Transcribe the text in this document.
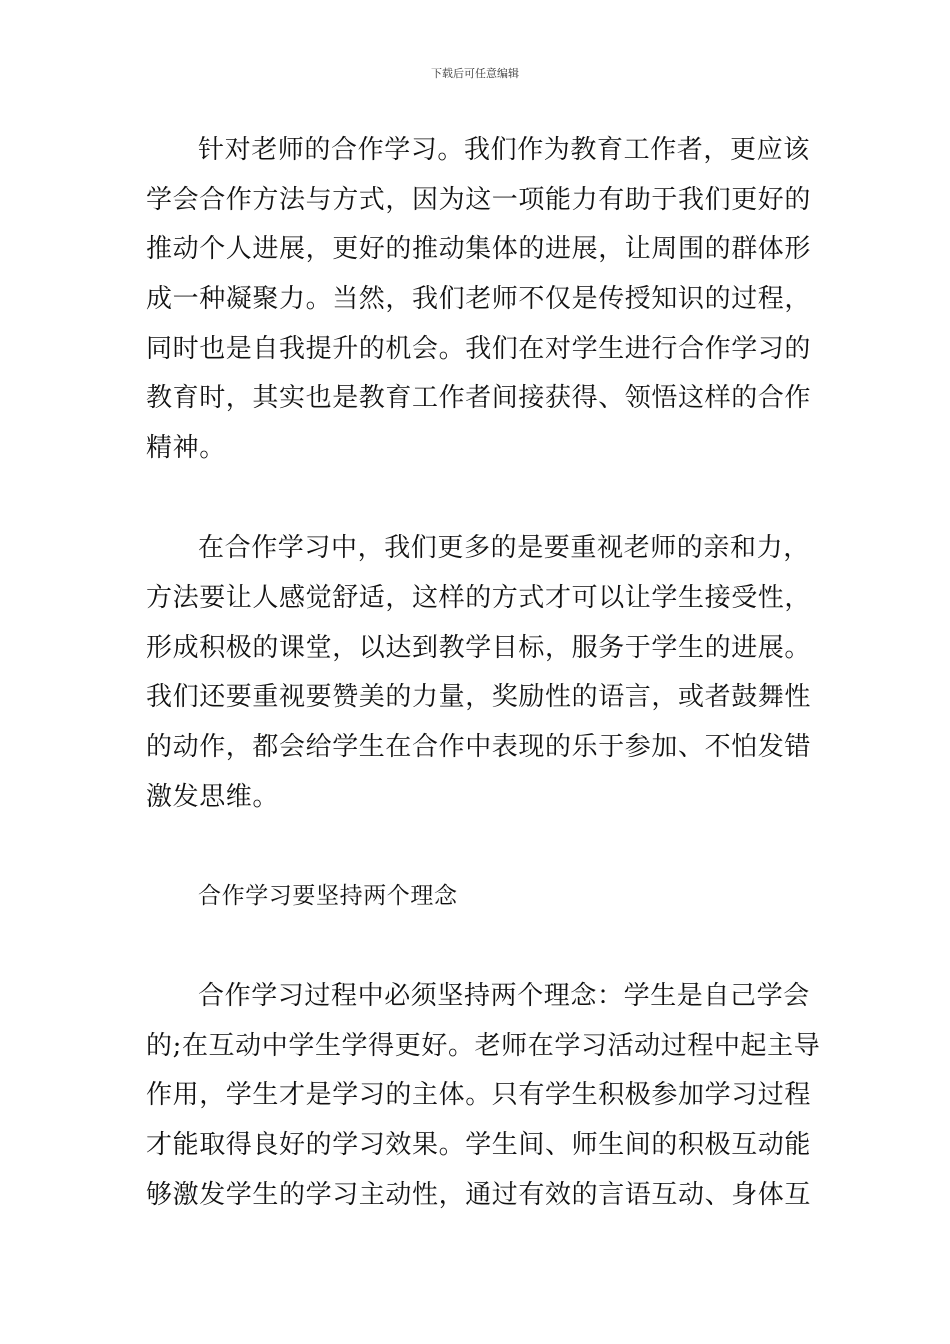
下载后可任意编辑
针对老师的合作学习。我们作为教育工作者，更应该
学会合作方法与方式，因为这一项能力有助于我们更好的
推动个人进展，更好的推动集体的进展，让周围的群体形
成一种凝聚力。当然，我们老师不仅是传授知识的过程，
同时也是自我提升的机会。我们在对学生进行合作学习的
教育时，其实也是教育工作者间接获得、领悟这样的合作
精神。
在合作学习中，我们更多的是要重视老师的亲和力，
方法要让人感觉舒适，这样的方式才可以让学生接受性，
形成积极的课堂，以达到教学目标，服务于学生的进展。
我们还要重视要赞美的力量，奖励性的语言，或者鼓舞性
的动作，都会给学生在合作中表现的乐于参加、不怕发错
激发思维。
合作学习要坚持两个理念
合作学习过程中必须坚持两个理念：学生是自己学会
的;在互动中学生学得更好。老师在学习活动过程中起主导
作用，学生才是学习的主体。只有学生积极参加学习过程
才能取得良好的学习效果。学生间、师生间的积极互动能
够激发学生的学习主动性，通过有效的言语互动、身体互
